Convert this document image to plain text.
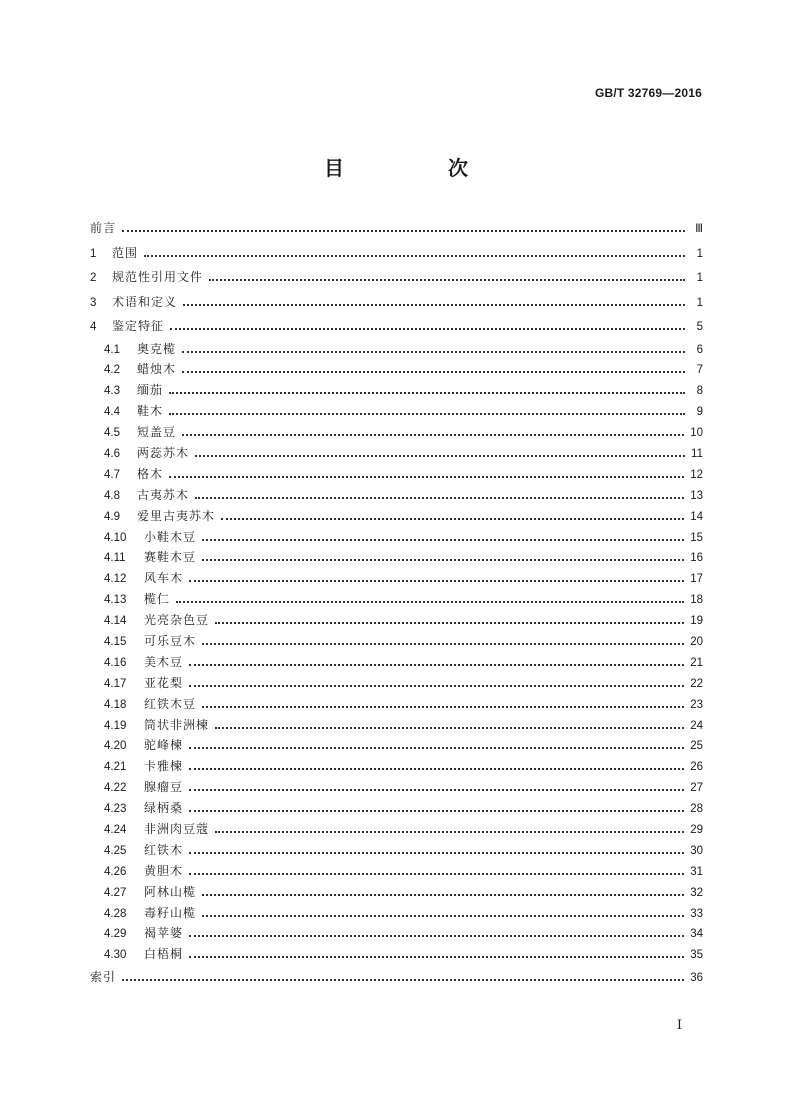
GB/T 32769—2016
目　次
前言	Ⅲ
1	范围	1
2	规范性引用文件	1
3	术语和定义	1
4	鉴定特征	5
4.1	奥克榄	6
4.2	蜡烛木	7
4.3	缅茄	8
4.4	鞋木	9
4.5	短盖豆	10
4.6	两蕊苏木	11
4.7	格木	12
4.8	古夷苏木	13
4.9	爱里古夷苏木	14
4.10	小鞋木豆	15
4.11	赛鞋木豆	16
4.12	风车木	17
4.13	榄仁	18
4.14	光亮杂色豆	19
4.15	可乐豆木	20
4.16	美木豆	21
4.17	亚花梨	22
4.18	红铁木豆	23
4.19	筒状非洲楝	24
4.20	驼峰楝	25
4.21	卡雅楝	26
4.22	腺瘤豆	27
4.23	绿柄桑	28
4.24	非洲肉豆蔻	29
4.25	红铁木	30
4.26	黄胆木	31
4.27	阿林山榄	32
4.28	毒籽山榄	33
4.29	褐苹婆	34
4.30	白梧桐	35
索引	36
Ⅰ
